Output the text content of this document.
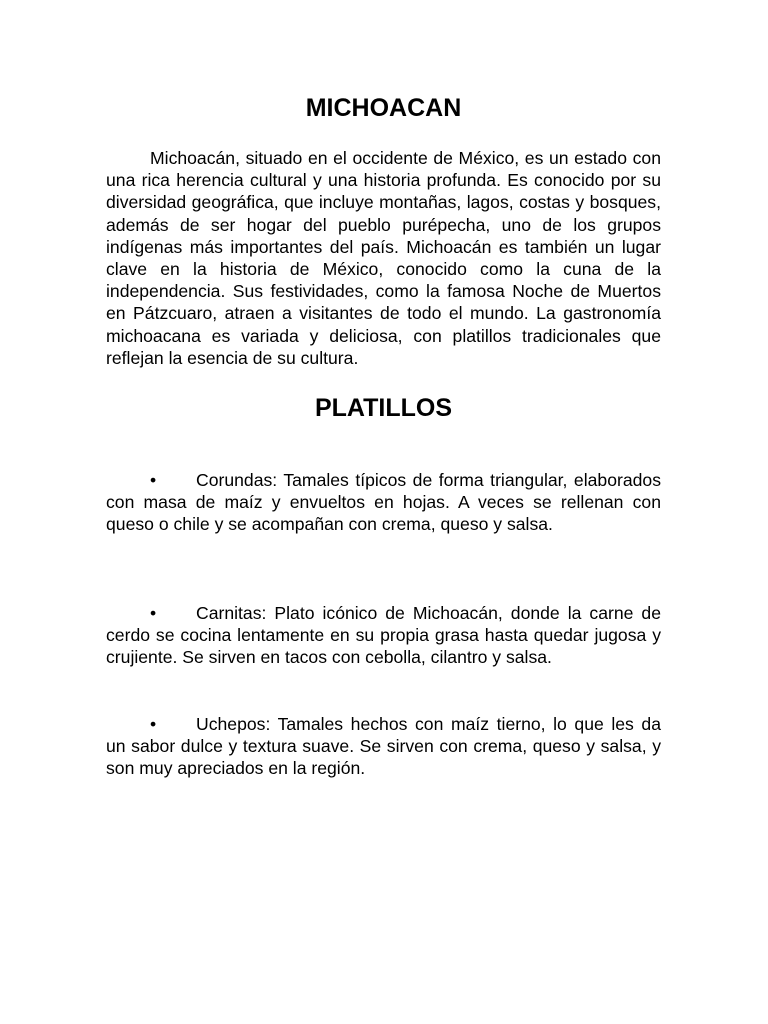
MICHOACAN

Michoacán, situado en el occidente de México, es un estado con una rica herencia cultural y una historia profunda. Es conocido por su diversidad geográfica, que incluye montañas, lagos, costas y bosques, además de ser hogar del pueblo purépecha, uno de los grupos indígenas más importantes del país. Michoacán es también un lugar clave en la historia de México, conocido como la cuna de la independencia. Sus festividades, como la famosa Noche de Muertos en Pátzcuaro, atraen a visitantes de todo el mundo. La gastronomía michoacana es variada y deliciosa, con platillos tradicionales que reflejan la esencia de su cultura.

PLATILLOS

• Corundas: Tamales típicos de forma triangular, elaborados con masa de maíz y envueltos en hojas. A veces se rellenan con queso o chile y se acompañan con crema, queso y salsa.

• Carnitas: Plato icónico de Michoacán, donde la carne de cerdo se cocina lentamente en su propia grasa hasta quedar jugosa y crujiente. Se sirven en tacos con cebolla, cilantro y salsa.

• Uchepos: Tamales hechos con maíz tierno, lo que les da un sabor dulce y textura suave. Se sirven con crema, queso y salsa, y son muy apreciados en la región.
